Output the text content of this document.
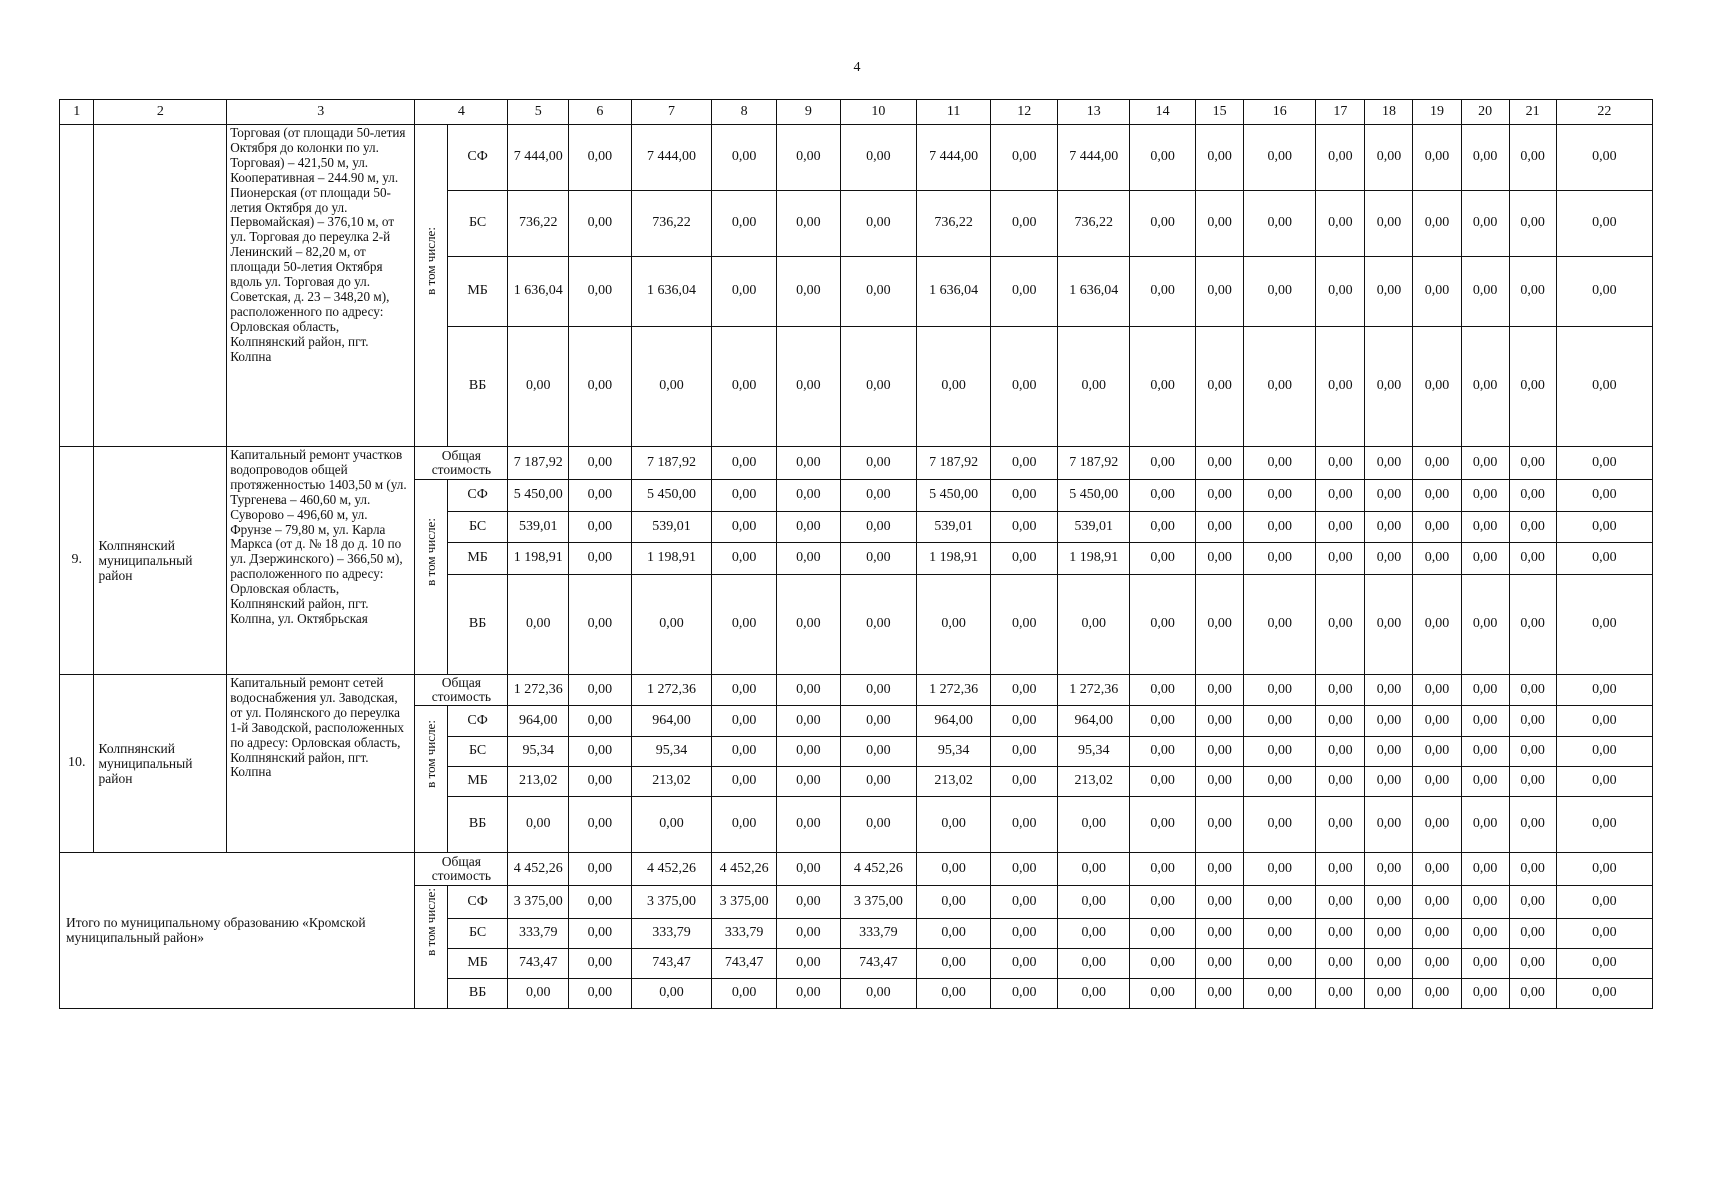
4
1	2	3	4		5	6	7	8	9	10	11	12	13	14	15	16	17	18	19	20	21	22
		Торговая (от площади 50-летия Октября до колонки по ул. Торговая) – 421,50 м, ул. Кооперативная – 244.90 м, ул. Пионерская (от площади 50-летия Октября до ул. Первомайская) – 376,10 м, от ул. Торговая до переулка 2-й Ленинский – 82,20 м, от площади 50-летия Октября вдоль ул. Торговая до ул. Советская, д. 23 – 348,20 м), расположенного по адресу: Орловская область, Колпнянский район, пгт. Колпна	в том числе:	СФ	7 444,00	0,00	7 444,00	0,00	0,00	0,00	7 444,00	0,00	7 444,00	0,00	0,00	0,00	0,00	0,00	0,00	0,00	0,00	0,00
				БС	736,22	0,00	736,22	0,00	0,00	0,00	736,22	0,00	736,22	0,00	0,00	0,00	0,00	0,00	0,00	0,00	0,00	0,00
				МБ	1 636,04	0,00	1 636,04	0,00	0,00	0,00	1 636,04	0,00	1 636,04	0,00	0,00	0,00	0,00	0,00	0,00	0,00	0,00	0,00
				ВБ	0,00	0,00	0,00	0,00	0,00	0,00	0,00	0,00	0,00	0,00	0,00	0,00	0,00	0,00	0,00	0,00	0,00	0,00
9.	Колпнянский муниципальный район	Капитальный ремонт участков водопроводов общей протяженностью 1403,50 м (ул. Тургенева – 460,60 м, ул. Суворово – 496,60 м, ул. Фрунзе – 79,80 м, ул. Карла Маркса (от д. № 18 до д. 10 по ул. Дзержинского) – 366,50 м), расположенного по адресу: Орловская область, Колпнянский район, пгт. Колпна, ул. Октябрьская	Общая стоимость		7 187,92	0,00	7 187,92	0,00	0,00	0,00	7 187,92	0,00	7 187,92	0,00	0,00	0,00	0,00	0,00	0,00	0,00	0,00	0,00

			в том числе:	СФ	5 450,00	0,00	5 450,00	0,00	0,00	0,00	5 450,00	0,00	5 450,00	0,00	0,00	0,00	0,00	0,00	0,00	0,00	0,00	0,00
				БС	539,01	0,00	539,01	0,00	0,00	0,00	539,01	0,00	539,01	0,00	0,00	0,00	0,00	0,00	0,00	0,00	0,00	0,00
				МБ	1 198,91	0,00	1 198,91	0,00	0,00	0,00	1 198,91	0,00	1 198,91	0,00	0,00	0,00	0,00	0,00	0,00	0,00	0,00	0,00
				ВБ	0,00	0,00	0,00	0,00	0,00	0,00	0,00	0,00	0,00	0,00	0,00	0,00	0,00	0,00	0,00	0,00	0,00	0,00
10.	Колпнянский муниципальный район	Капитальный ремонт сетей водоснабжения ул. Заводская, от ул. Полянского до переулка 1-й Заводской, расположенных по адресу: Орловская область, Колпнянский район, пгт. Колпна	Общая стоимость		1 272,36	0,00	1 272,36	0,00	0,00	0,00	1 272,36	0,00	1 272,36	0,00	0,00	0,00	0,00	0,00	0,00	0,00	0,00	0,00

			в том числе:	СФ	964,00	0,00	964,00	0,00	0,00	0,00	964,00	0,00	964,00	0,00	0,00	0,00	0,00	0,00	0,00	0,00	0,00	0,00
				БС	95,34	0,00	95,34	0,00	0,00	0,00	95,34	0,00	95,34	0,00	0,00	0,00	0,00	0,00	0,00	0,00	0,00	0,00
				МБ	213,02	0,00	213,02	0,00	0,00	0,00	213,02	0,00	213,02	0,00	0,00	0,00	0,00	0,00	0,00	0,00	0,00	0,00
				ВБ	0,00	0,00	0,00	0,00	0,00	0,00	0,00	0,00	0,00	0,00	0,00	0,00	0,00	0,00	0,00	0,00	0,00	0,00
Итого по муниципальному образованию «Кромской муниципальный район»			Общая стоимость		4 452,26	0,00	4 452,26	4 452,26	0,00	4 452,26	0,00	0,00	0,00	0,00	0,00	0,00	0,00	0,00	0,00	0,00	0,00	0,00

			в том числе:	СФ	3 375,00	0,00	3 375,00	3 375,00	0,00	3 375,00	0,00	0,00	0,00	0,00	0,00	0,00	0,00	0,00	0,00	0,00	0,00	0,00
				БС	333,79	0,00	333,79	333,79	0,00	333,79	0,00	0,00	0,00	0,00	0,00	0,00	0,00	0,00	0,00	0,00	0,00	0,00
				МБ	743,47	0,00	743,47	743,47	0,00	743,47	0,00	0,00	0,00	0,00	0,00	0,00	0,00	0,00	0,00	0,00	0,00	0,00
				ВБ	0,00	0,00	0,00	0,00	0,00	0,00	0,00	0,00	0,00	0,00	0,00	0,00	0,00	0,00	0,00	0,00	0,00	0,00
